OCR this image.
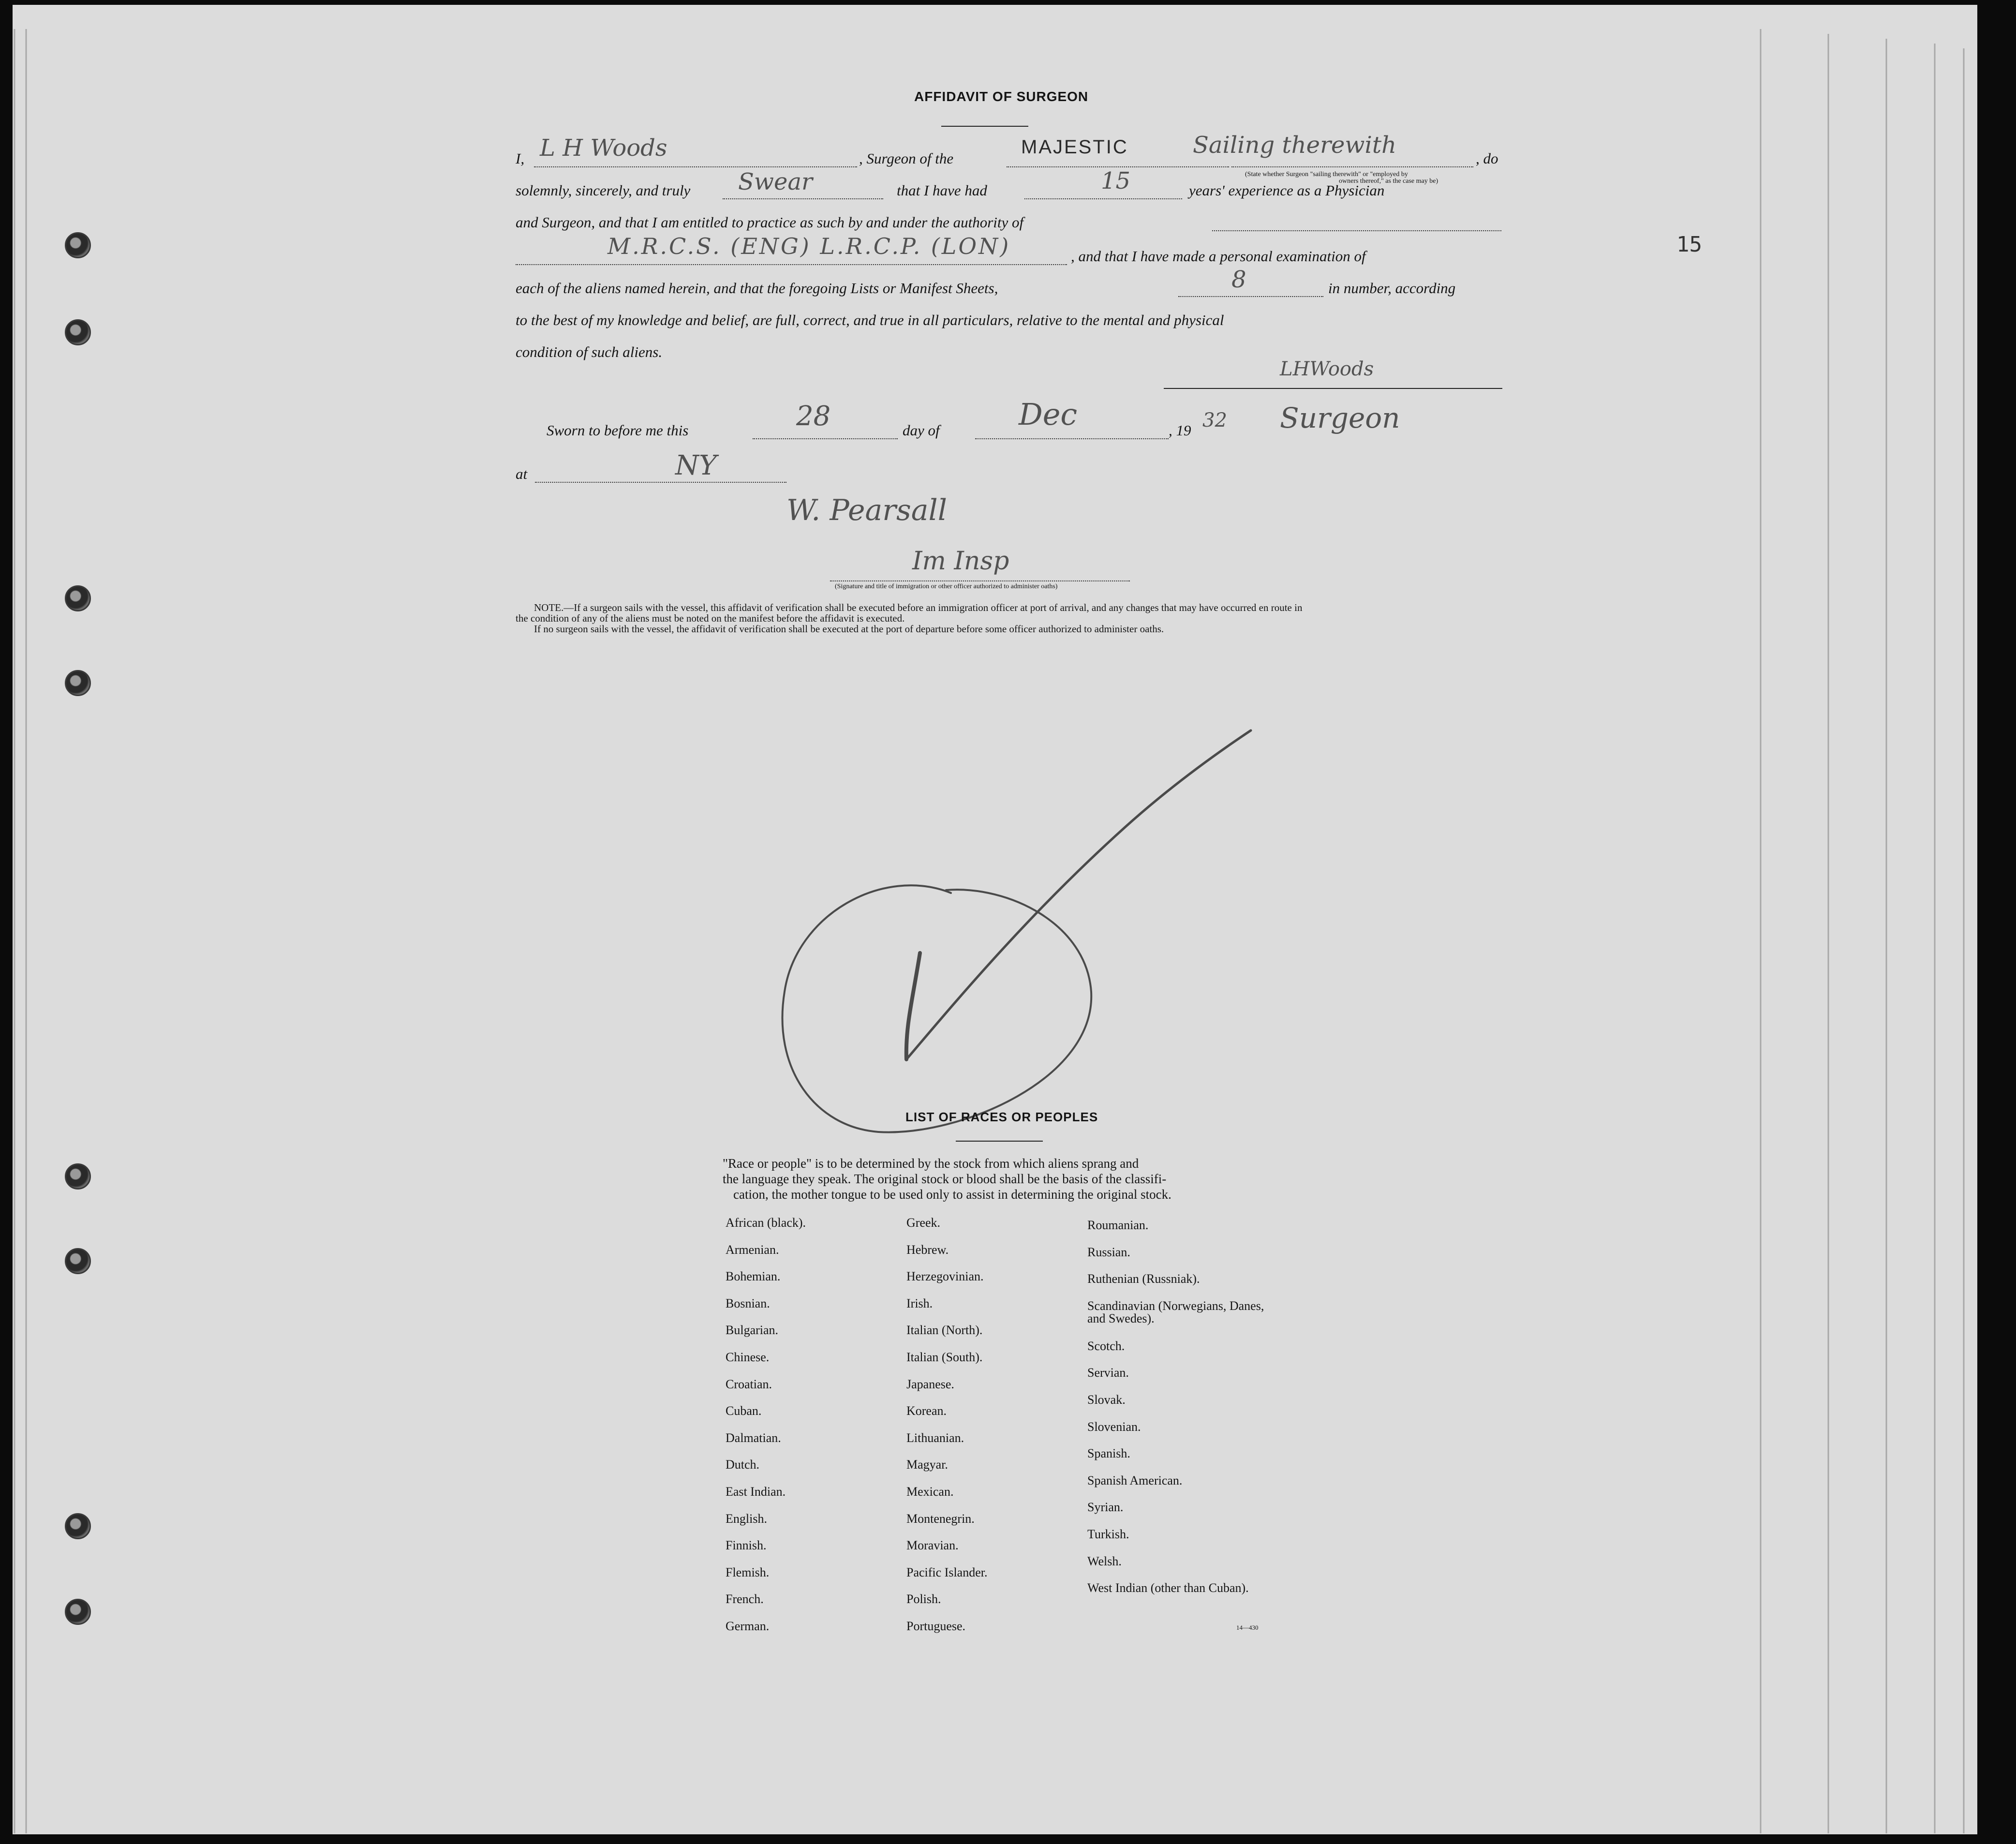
15
AFFIDAVIT OF SURGEON
I, L H Woods	, Surgeon of the
MAJESTIC	Sailing therewith	, do
(State whether Surgeon "sailing therewith" or "employed by
owners thereof," as the case may be)
solemnly, sincerely, and truly Swear	that I have had	15	years' experience as a Physician
and Surgeon, and that I am entitled to practice as such by and under the authority of
M.R.C.S. (ENG) L.R.C.P. (LON)	, and that I have made a personal examination of
each of the aliens named herein, and that the foregoing Lists or Manifest Sheets,	8	in number, according
to the best of my knowledge and belief, are full, correct, and true in all particulars, relative to the mental and physical
condition of such aliens.
LHWoods
Sworn to before me this	28	day of	Dec	, 19 32 Surgeon
at	NY
W. Pearsall
Im Insp
(Signature and title of immigration or other officer authorized to administer oaths)
NOTE.—If a surgeon sails with the vessel, this affidavit of verification shall be executed before an immigration officer at port of arrival, and any changes that may have occurred en route in
the condition of any of the aliens must be noted on the manifest before the affidavit is executed.
If no surgeon sails with the vessel, the affidavit of verification shall be executed at the port of departure before some officer authorized to administer oaths.
LIST OF RACES OR PEOPLES
"Race or people" is to be determined by the stock from which aliens sprang and
the language they speak. The original stock or blood shall be the basis of the classifi-
cation, the mother tongue to be used only to assist in determining the original stock.
African (black).
Armenian.
Bohemian.
Bosnian.
Bulgarian.
Chinese.
Croatian.
Cuban.
Dalmatian.
Dutch.
East Indian.
English.
Finnish.
Flemish.
French.
German.
Greek.
Hebrew.
Herzegovinian.
Irish.
Italian (North).
Italian (South).
Japanese.
Korean.
Lithuanian.
Magyar.
Mexican.
Montenegrin.
Moravian.
Pacific Islander.
Polish.
Portuguese.
Roumanian.
Russian.
Ruthenian (Russniak).
Scandinavian (Norwegians, Danes, and Swedes).
Scotch.
Servian.
Slovak.
Slovenian.
Spanish.
Spanish American.
Syrian.
Turkish.
Welsh.
West Indian (other than Cuban).
14—430
